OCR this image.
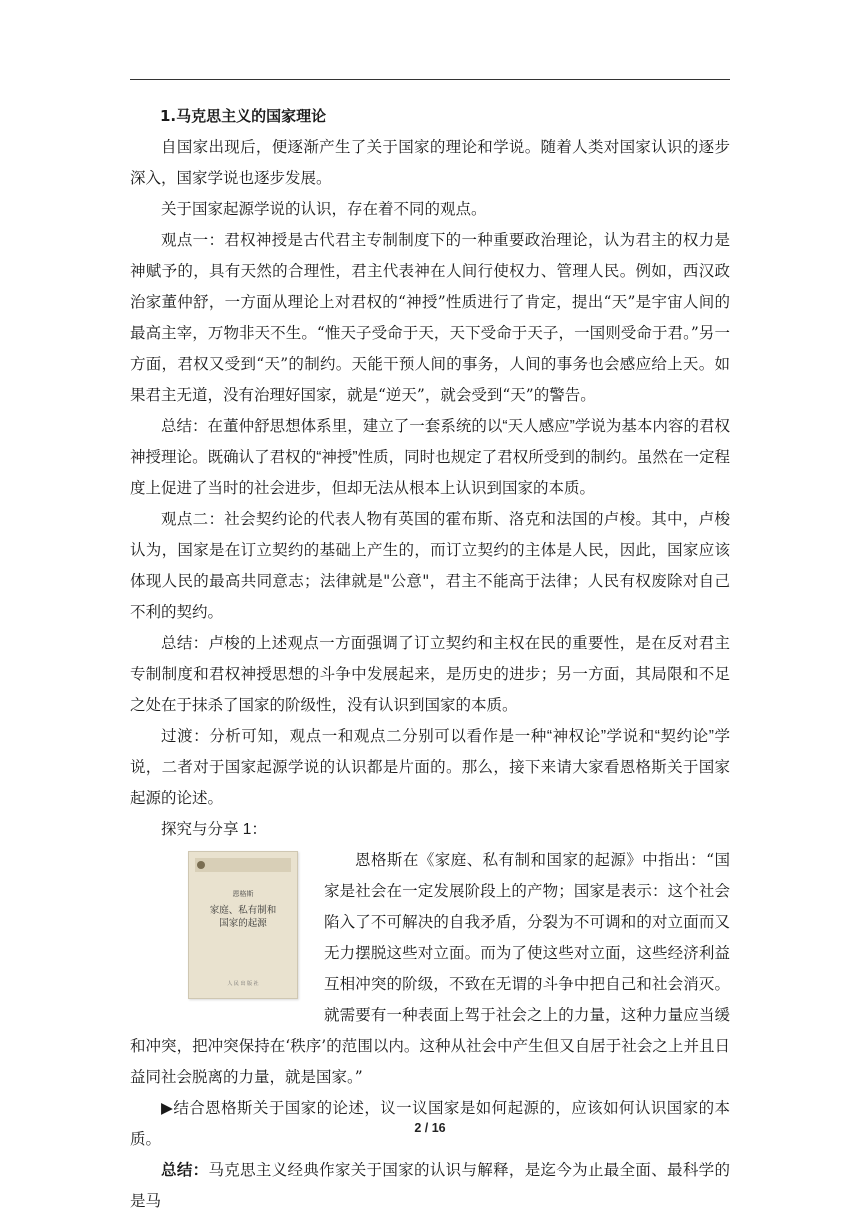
1.马克思主义的国家理论

自国家出现后，便逐渐产生了关于国家的理论和学说。随着人类对国家认识的逐步深入，国家学说也逐步发展。

关于国家起源学说的认识，存在着不同的观点。

观点一：君权神授是古代君主专制制度下的一种重要政治理论，认为君主的权力是神赋予的，具有天然的合理性，君主代表神在人间行使权力、管理人民。例如，西汉政治家董仲舒，一方面从理论上对君权的“神授”性质进行了肯定，提出“天”是宇宙人间的最高主宰，万物非天不生。“惟天子受命于天，天下受命于天子，一国则受命于君。”另一方面，君权又受到“天”的制约。天能干预人间的事务，人间的事务也会感应给上天。如果君主无道，没有治理好国家，就是“逆天”，就会受到“天”的警告。

总结：在董仲舒思想体系里，建立了一套系统的以“天人感应”学说为基本内容的君权神授理论。既确认了君权的“神授”性质，同时也规定了君权所受到的制约。虽然在一定程度上促进了当时的社会进步，但却无法从根本上认识到国家的本质。

观点二：社会契约论的代表人物有英国的霍布斯、洛克和法国的卢梭。其中，卢梭认为，国家是在订立契约的基础上产生的，而订立契约的主体是人民，因此，国家应该体现人民的最高共同意志；法律就是"公意"，君主不能高于法律；人民有权废除对自己不利的契约。

总结：卢梭的上述观点一方面强调了订立契约和主权在民的重要性，是在反对君主专制制度和君权神授思想的斗争中发展起来，是历史的进步；另一方面，其局限和不足之处在于抹杀了国家的阶级性，没有认识到国家的本质。

过渡：分析可知，观点一和观点二分别可以看作是一种“神权论”学说和“契约论”学说，二者对于国家起源学说的认识都是片面的。那么，接下来请大家看恩格斯关于国家起源的论述。

探究与分享 1：

恩格斯
家庭、私有制和
国家的起源
人 民 出 版 社

恩格斯在《家庭、私有制和国家的起源》中指出：“国家是社会在一定发展阶段上的产物；国家是表示：这个社会陷入了不可解决的自我矛盾，分裂为不可调和的对立面而又无力摆脱这些对立面。而为了使这些对立面，这些经济利益互相冲突的阶级，不致在无谓的斗争中把自己和社会消灭。就需要有一种表面上驾于社会之上的力量，这种力量应当缓和冲突，把冲突保持在‘秩序’的范围以内。这种从社会中产生但又自居于社会之上并且日益同社会脱离的力量，就是国家。”

▶结合恩格斯关于国家的论述，议一议国家是如何起源的，应该如何认识国家的本质。

总结：马克思主义经典作家关于国家的认识与解释，是迄今为止最全面、最科学的是马

2 / 16
